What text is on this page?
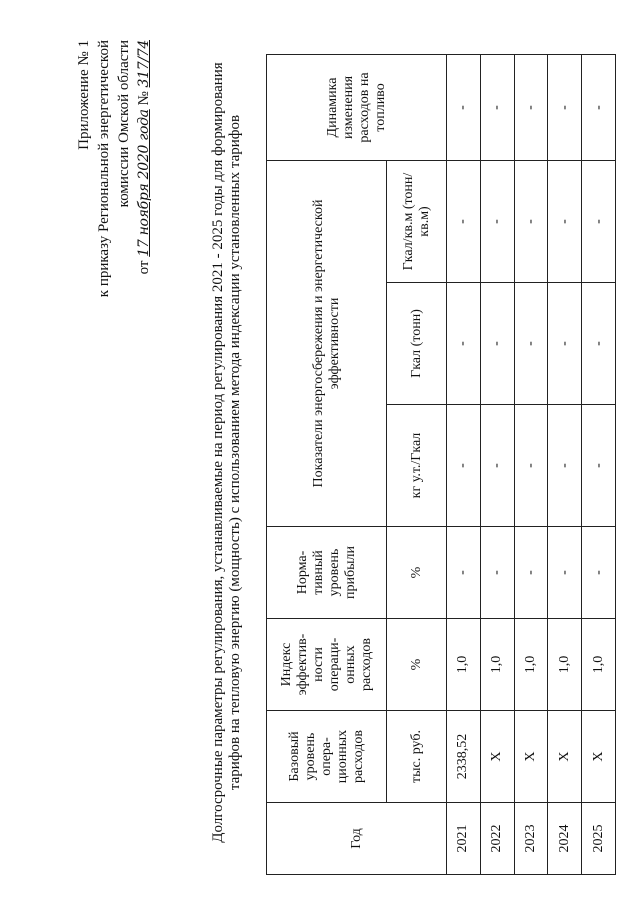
Приложение № 1 к приказу Региональной энергетической комиссии Омской области
от 17 ноября 2020 года № 317/74	Долгосрочные параметры регулирования, устанавливаемые на период регулирования 2021 - 2025 годы для формирования тарифов на тепловую энергию (мощность) с использованием метода индексации установленных тарифов
Год	Базовый уровень опера-ционных расходов	Индекс эффектив-ности операци-онных расходов	Норма-тивный уровень прибыли	Показатели энергосбережения и энергетической эффективности			Динамика изменения расходов на топливо
	тыс. руб.	%	%	кг у.т./Гкал	Гкал (тонн)	Гкал/кв.м (тонн/кв.м)	
2021	2338,52	1,0	-	-	-	-	-
2022	Х	1,0	-	-	-	-	-
2023	Х	1,0	-	-	-	-	-
2024	Х	1,0	-	-	-	-	-
2025	Х	1,0	-	-	-	-	-
